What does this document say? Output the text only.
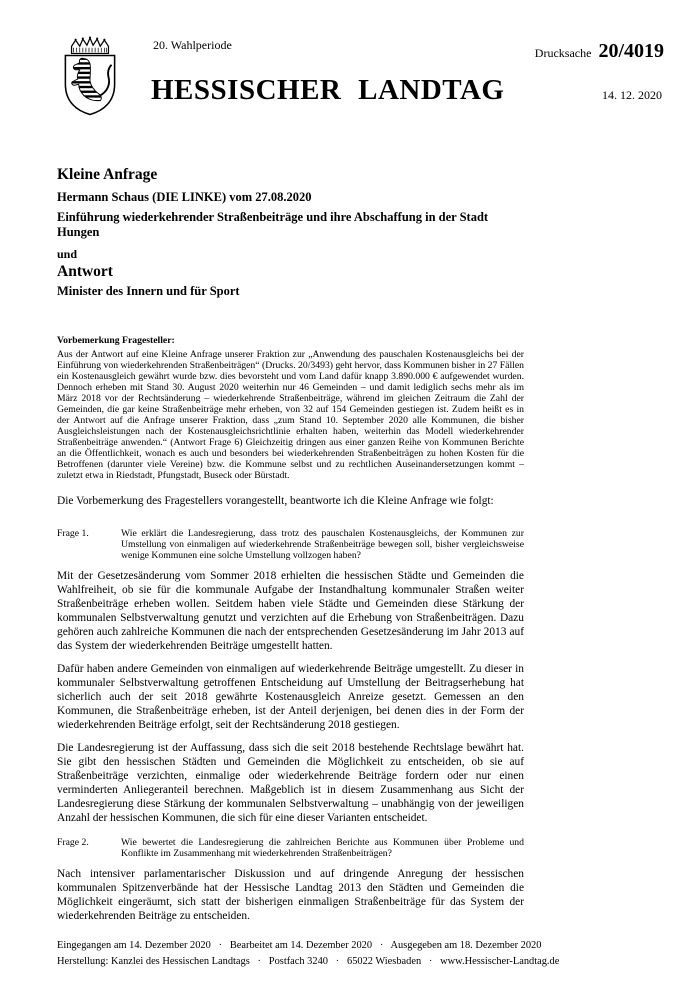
20. Wahlperiode
HESSISCHER LANDTAG
Drucksache 20/4019
14. 12. 2020
Kleine Anfrage
Hermann Schaus (DIE LINKE) vom 27.08.2020
Einführung wiederkehrender Straßenbeiträge und ihre Abschaffung in der Stadt Hungen
und
Antwort
Minister des Innern und für Sport
Vorbemerkung Fragesteller:

Aus der Antwort auf eine Kleine Anfrage unserer Fraktion zur „Anwendung des pauschalen Kostenausgleichs bei der Einführung von wiederkehrenden Straßenbeiträgen“ (Drucks. 20/3493) geht hervor, dass Kommunen bisher in 27 Fällen ein Kostenausgleich gewährt wurde bzw. dies bevorsteht und vom Land dafür knapp 3.890.000 € aufgewendet wurden. Dennoch erheben mit Stand 30. August 2020 weiterhin nur 46 Gemeinden – und damit lediglich sechs mehr als im März 2018 vor der Rechtsänderung – wiederkehrende Straßenbeiträge, während im gleichen Zeitraum die Zahl der Gemeinden, die gar keine Straßenbeiträge mehr erheben, von 32 auf 154 Gemeinden gestiegen ist. Zudem heißt es in der Antwort auf die Anfrage unserer Fraktion, dass „zum Stand 10. September 2020 alle Kommunen, die bisher Ausgleichsleistungen nach der Kostenausgleichsrichtlinie erhalten haben, weiterhin das Modell wiederkehrender Straßenbeiträge anwenden.“ (Antwort Frage 6) Gleichzeitig dringen aus einer ganzen Reihe von Kommunen Berichte an die Öffentlichkeit, wonach es auch und besonders bei wiederkehrenden Straßenbeiträgen zu hohen Kosten für die Betroffenen (darunter viele Vereine) bzw. die Kommune selbst und zu rechtlichen Auseinandersetzungen kommt – zuletzt etwa in Riedstadt, Pfungstadt, Buseck oder Bürstadt.

Die Vorbemerkung des Fragestellers vorangestellt, beantworte ich die Kleine Anfrage wie folgt:

Frage 1.	Wie erklärt die Landesregierung, dass trotz des pauschalen Kostenausgleichs, der Kommunen zur Umstellung von einmaligen auf wiederkehrende Straßenbeiträge bewegen soll, bisher vergleichsweise wenige Kommunen eine solche Umstellung vollzogen haben?

Mit der Gesetzesänderung vom Sommer 2018 erhielten die hessischen Städte und Gemeinden die Wahlfreiheit, ob sie für die kommunale Aufgabe der Instandhaltung kommunaler Straßen weiter Straßenbeiträge erheben wollen. Seitdem haben viele Städte und Gemeinden diese Stärkung der kommunalen Selbstverwaltung genutzt und verzichten auf die Erhebung von Straßenbeiträgen. Dazu gehören auch zahlreiche Kommunen die nach der entsprechenden Gesetzesänderung im Jahr 2013 auf das System der wiederkehrenden Beiträge umgestellt hatten.

Dafür haben andere Gemeinden von einmaligen auf wiederkehrende Beiträge umgestellt. Zu dieser in kommunaler Selbstverwaltung getroffenen Entscheidung auf Umstellung der Beitragserhebung hat sicherlich auch der seit 2018 gewährte Kostenausgleich Anreize gesetzt. Gemessen an den Kommunen, die Straßenbeiträge erheben, ist der Anteil derjenigen, bei denen dies in der Form der wiederkehrenden Beiträge erfolgt, seit der Rechtsänderung 2018 gestiegen.

Die Landesregierung ist der Auffassung, dass sich die seit 2018 bestehende Rechtslage bewährt hat. Sie gibt den hessischen Städten und Gemeinden die Möglichkeit zu entscheiden, ob sie auf Straßenbeiträge verzichten, einmalige oder wiederkehrende Beiträge fordern oder nur einen verminderten Anliegeranteil berechnen. Maßgeblich ist in diesem Zusammenhang aus Sicht der Landesregierung diese Stärkung der kommunalen Selbstverwaltung – unabhängig von der jeweiligen Anzahl der hessischen Kommunen, die sich für eine dieser Varianten entscheidet.

Frage 2.	Wie bewertet die Landesregierung die zahlreichen Berichte aus Kommunen über Probleme und Konflikte im Zusammenhang mit wiederkehrenden Straßenbeiträgen?

Nach intensiver parlamentarischer Diskussion und auf dringende Anregung der hessischen kommunalen Spitzenverbände hat der Hessische Landtag 2013 den Städten und Gemeinden die Möglichkeit eingeräumt, sich statt der bisherigen einmaligen Straßenbeiträge für das System der wiederkehrenden Beiträge zu entscheiden.

Eingegangen am 14. Dezember 2020   ·   Bearbeitet am 14. Dezember 2020   ·   Ausgegeben am 18. Dezember 2020
Herstellung: Kanzlei des Hessischen Landtags   ·   Postfach 3240   ·   65022 Wiesbaden   ·   www.Hessischer-Landtag.de
